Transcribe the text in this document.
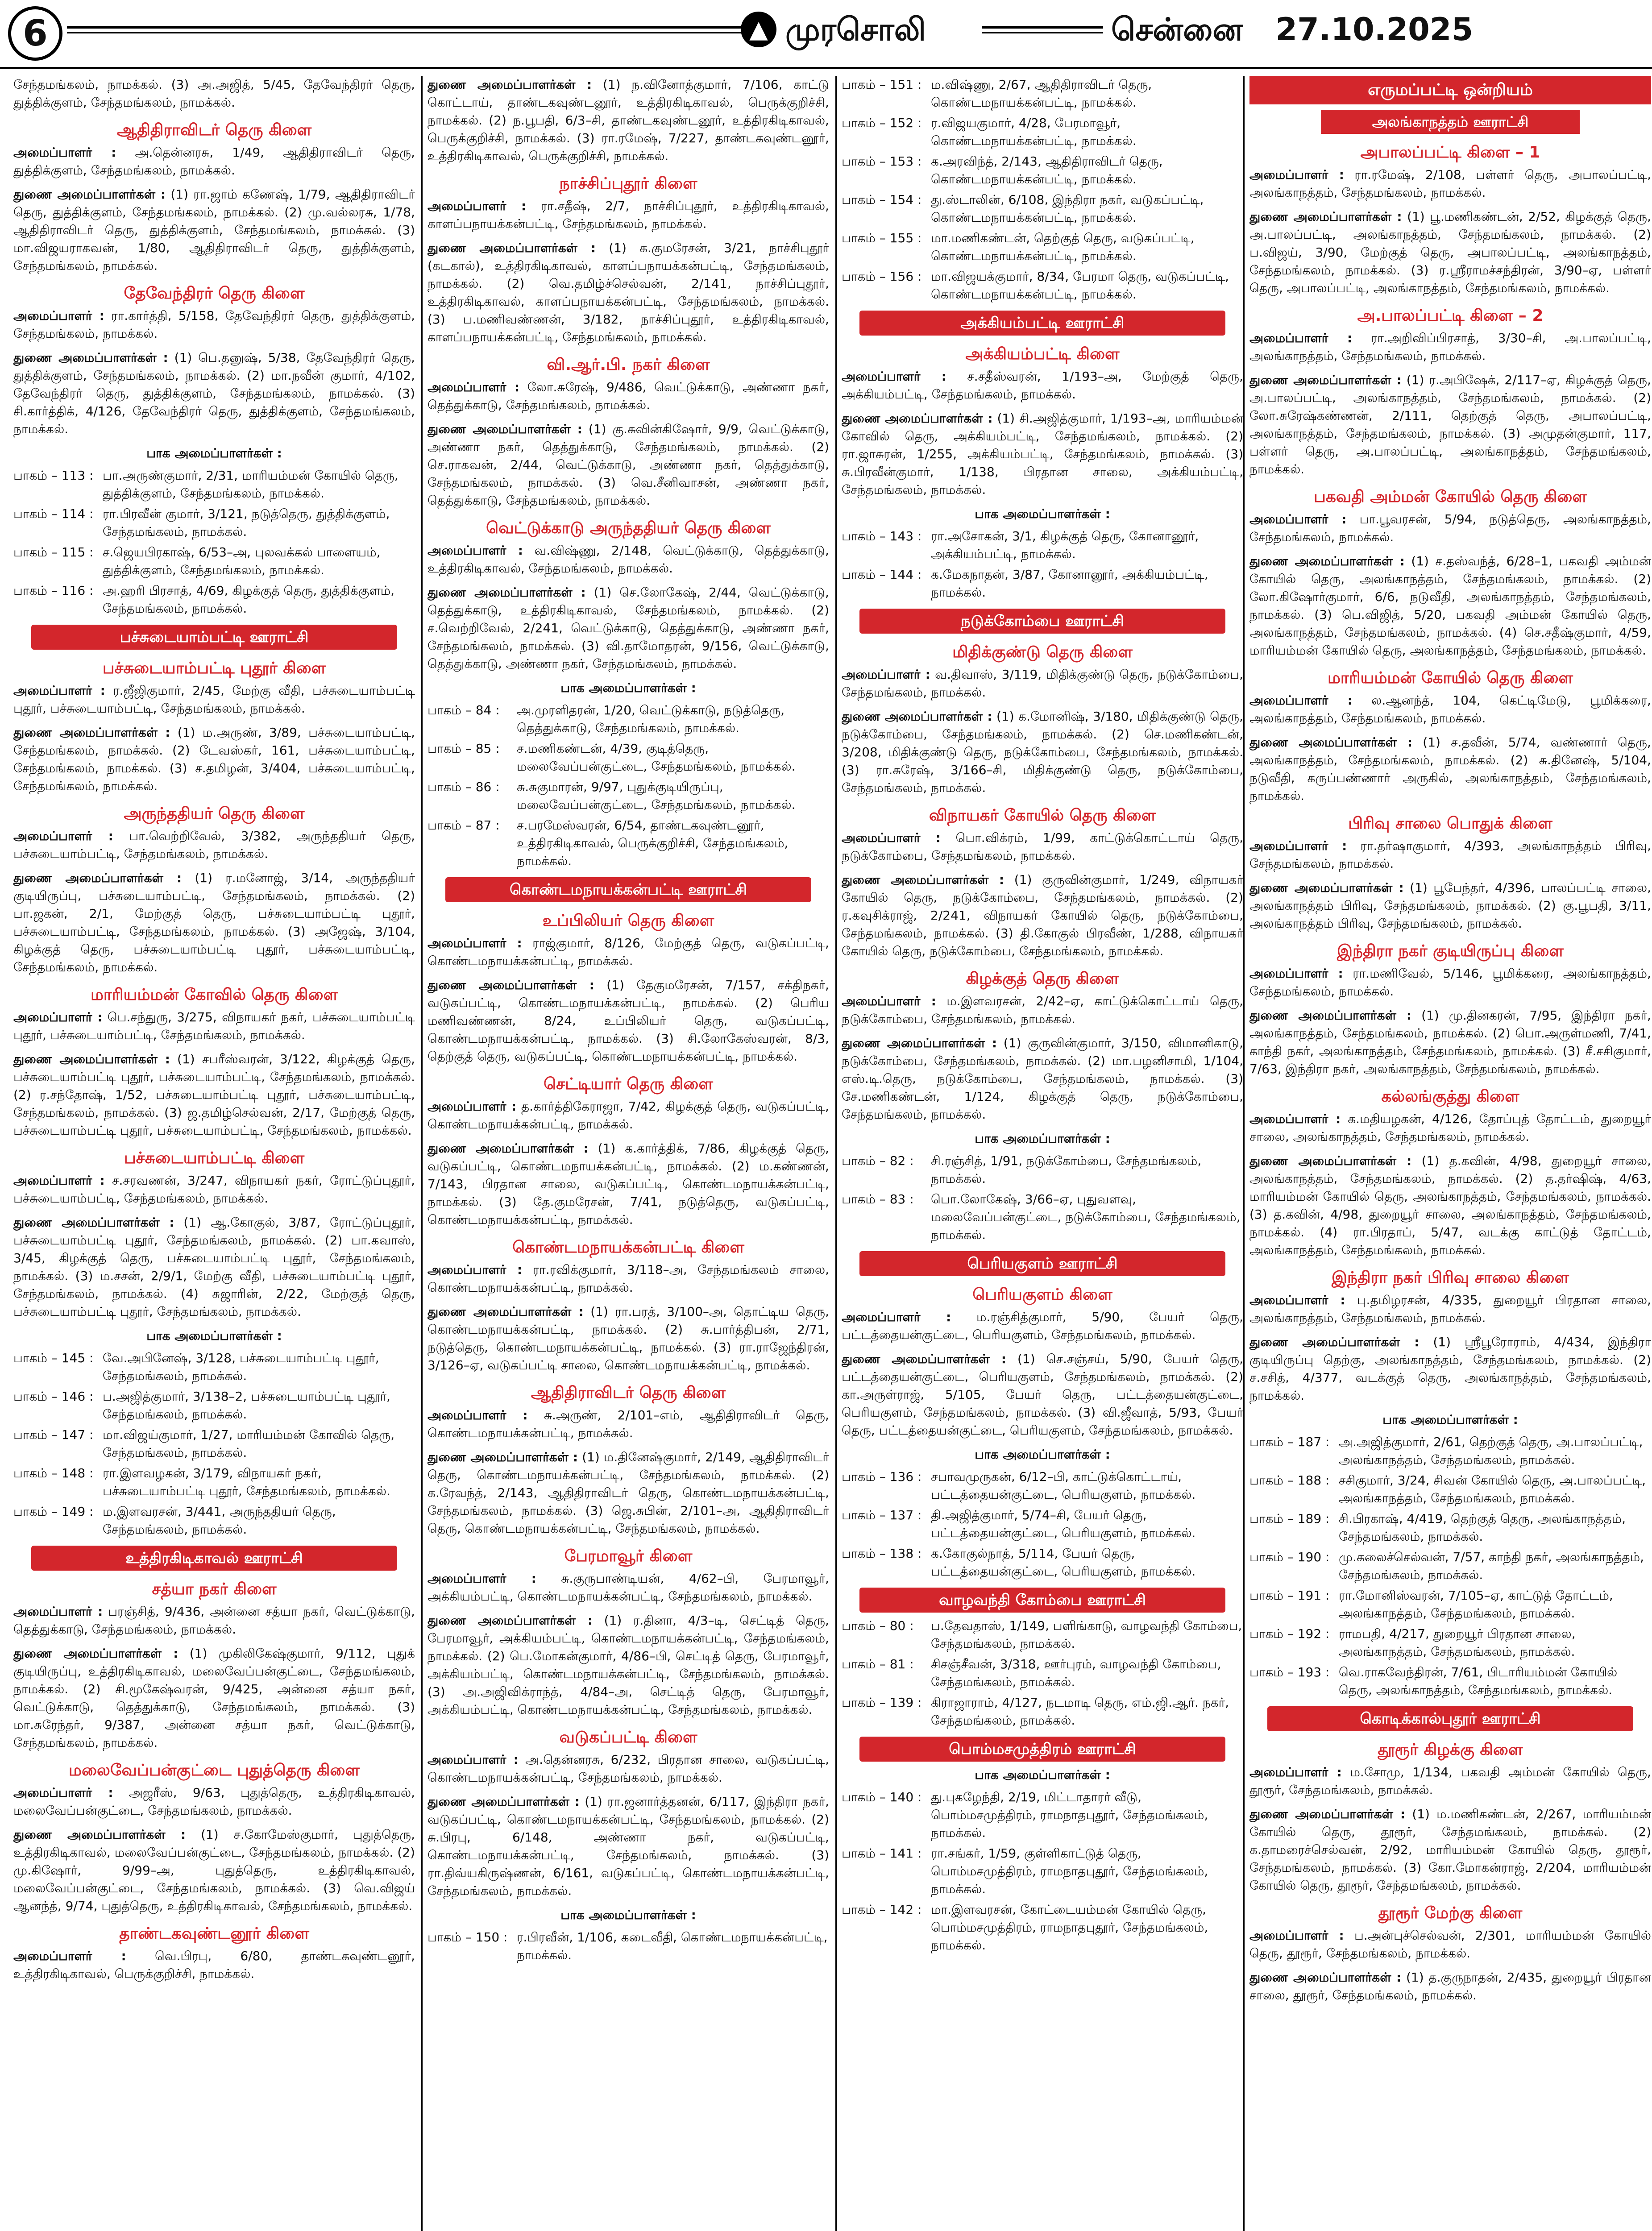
6	▲ முரசொலி	சென்னை 27.10.2025

சேந்தமங்கலம், நாமக்கல். (3) அ.அஜித், 5/45, தேவேந்திரர் தெரு, துத்திக்குளம், சேந்தமங்கலம், நாமக்கல்.

ஆதிதிராவிடர் தெரு கிளை

அமைப்பாளர் : அ.தென்னரசு, 1/49, ஆதிதிராவிடர் தெரு, துத்திக்குளம், சேந்தமங்கலம், நாமக்கல்.

துணை அமைப்பாளர்கள் : (1) ரா.ஜாம் கணேஷ், 1/79, ஆதிதிராவிடர் தெரு, துத்திக்குளம், சேந்தமங்கலம், நாமக்கல். (2) மு.வல்லரசு, 1/78, ஆதிதிராவிடர் தெரு, துத்திக்குளம், சேந்தமங்கலம், நாமக்கல். (3) மா.விஜயராகவன், 1/80, ஆதிதிராவிடர் தெரு, துத்திக்குளம், சேந்தமங்கலம், நாமக்கல்.

தேவேந்திரர் தெரு கிளை

அமைப்பாளர் : ரா.கார்த்தி, 5/158, தேவேந்திரர் தெரு, துத்திக்குளம், சேந்தமங்கலம், நாமக்கல்.

துணை அமைப்பாளர்கள் : (1) பெ.தனுஷ், 5/38, தேவேந்திரர் தெரு, துத்திக்குளம், சேந்தமங்கலம், நாமக்கல். (2) மா.நவீன் குமார், 4/102, தேவேந்திரர் தெரு, துத்திக்குளம், சேந்தமங்கலம், நாமக்கல். (3) சி.கார்த்திக், 4/126, தேவேந்திரர் தெரு, துத்திக்குளம், சேந்தமங்கலம், நாமக்கல்.

பாக அமைப்பாளர்கள் :
பாகம் – 113 : பா.அருண்குமார், 2/31, மாரியம்மன் கோயில் தெரு, துத்திக்குளம், சேந்தமங்கலம், நாமக்கல்.
பாகம் – 114 : ரா.பிரவீன் குமார், 3/121, நடுத்தெரு, துத்திக்குளம், சேந்தமங்கலம், நாமக்கல்.
பாகம் – 115 : ச.ஜெயபிரகாஷ், 6/53–அ, புலவக்கல் பாளையம், துத்திக்குளம், சேந்தமங்கலம், நாமக்கல்.
பாகம் – 116 : அ.ஹரி பிரசாத், 4/69, கிழக்குத் தெரு, துத்திக்குளம், சேந்தமங்கலம், நாமக்கல்.
பச்சுடையாம்பட்டி ஊராட்சி
பச்சுடையாம்பட்டி புதூர் கிளை

அமைப்பாளர் : ர.ஜீஜிகுமார், 2/45, மேற்கு வீதி, பச்சுடையாம்பட்டி புதூர், பச்சுடையாம்பட்டி, சேந்தமங்கலம், நாமக்கல்.

துணை அமைப்பாளர்கள் : (1) ம.அருண், 3/89, பச்சுடையாம்பட்டி, சேந்தமங்கலம், நாமக்கல். (2) டேவஸ்கர், 161, பச்சுடையாம்பட்டி, சேந்தமங்கலம், நாமக்கல். (3) ச.தமிழன், 3/404, பச்சுடையாம்பட்டி, சேந்தமங்கலம், நாமக்கல்.

அருந்ததியர் தெரு கிளை

அமைப்பாளர் : பா.வெற்றிவேல், 3/382, அருந்ததியர் தெரு, பச்சுடையாம்பட்டி, சேந்தமங்கலம், நாமக்கல்.

துணை அமைப்பாளர்கள் : (1) ர.மனோஜ், 3/14, அருந்ததியர் குடியிருப்பு, பச்சுடையாம்பட்டி, சேந்தமங்கலம், நாமக்கல். (2) பா.ஜகன், 2/1, மேற்குத் தெரு, பச்சுடையாம்பட்டி புதூர், பச்சுடையாம்பட்டி, சேந்தமங்கலம், நாமக்கல். (3) அஜேஷ், 3/104, கிழக்குத் தெரு, பச்சுடையாம்பட்டி புதூர், பச்சுடையாம்பட்டி, சேந்தமங்கலம், நாமக்கல்.

மாரியம்மன் கோவில் தெரு கிளை

அமைப்பாளர் : பெ.சந்துரு, 3/275, விநாயகர் நகர், பச்சுடையாம்பட்டி புதூர், பச்சுடையாம்பட்டி, சேந்தமங்கலம், நாமக்கல்.

துணை அமைப்பாளர்கள் : (1) சபரீஸ்வரன், 3/122, கிழக்குத் தெரு, பச்சுடையாம்பட்டி புதூர், பச்சுடையாம்பட்டி, சேந்தமங்கலம், நாமக்கல். (2) ர.சந்தோஷ், 1/52, பச்சுடையாம்பட்டி புதூர், பச்சுடையாம்பட்டி, சேந்தமங்கலம், நாமக்கல். (3) ஜ.தமிழ்செல்வன், 2/17, மேற்குத் தெரு, பச்சுடையாம்பட்டி புதூர், பச்சுடையாம்பட்டி, சேந்தமங்கலம், நாமக்கல்.

பச்சுடையாம்பட்டி கிளை

அமைப்பாளர் : ச.சரவணன், 3/247, விநாயகர் நகர், ரோட்டுப்புதூர், பச்சுடையாம்பட்டி, சேந்தமங்கலம், நாமக்கல்.

துணை அமைப்பாளர்கள் : (1) ஆ.கோகுல், 3/87, ரோட்டுப்புதூர், பச்சுடையாம்பட்டி புதூர், சேந்தமங்கலம், நாமக்கல். (2) பா.கவாஸ், 3/45, கிழக்குத் தெரு, பச்சுடையாம்பட்டி புதூர், சேந்தமங்கலம், நாமக்கல். (3) ம.சசன், 2/9/1, மேற்கு வீதி, பச்சுடையாம்பட்டி புதூர், சேந்தமங்கலம், நாமக்கல். (4) சுஜாரின், 2/22, மேற்குத் தெரு, பச்சுடையாம்பட்டி புதூர், சேந்தமங்கலம், நாமக்கல்.

பாக அமைப்பாளர்கள் :
பாகம் – 145 : வே.அபினேஷ், 3/128, பச்சுடையாம்பட்டி புதூர், சேந்தமங்கலம், நாமக்கல்.
பாகம் – 146 : ப.அஜித்குமார், 3/138–2, பச்சுடையாம்பட்டி புதூர், சேந்தமங்கலம், நாமக்கல்.
பாகம் – 147 : மா.விஜய்குமார், 1/27, மாரியம்மன் கோவில் தெரு, சேந்தமங்கலம், நாமக்கல்.
பாகம் – 148 : ரா.இளவழகன், 3/179, விநாயகர் நகர், பச்சுடையாம்பட்டி புதூர், சேந்தமங்கலம், நாமக்கல்.
பாகம் – 149 : ம.இளவரசன், 3/441, அருந்ததியர் தெரு, சேந்தமங்கலம், நாமக்கல்.
உத்திரகிடிகாவல் ஊராட்சி
சத்யா நகர் கிளை

அமைப்பாளர் : பரஞ்சித், 9/436, அன்னை சத்யா நகர், வெட்டுக்காடு, தெத்துக்காடு, சேந்தமங்கலம், நாமக்கல்.

துணை அமைப்பாளர்கள் : (1) முகிலிகேஷ்குமார், 9/112, புதுக் குடியிருப்பு, உத்திரகிடிகாவல், மலைவேப்பன்குட்டை, சேந்தமங்கலம், நாமக்கல். (2) சி.மூகேஷ்வரன், 9/425, அன்னை சத்யா நகர், வெட்டுக்காடு, தெத்துக்காடு, சேந்தமங்கலம், நாமக்கல். (3) மா.சுரேந்தர், 9/387, அன்னை சத்யா நகர், வெட்டுக்காடு, சேந்தமங்கலம், நாமக்கல்.

மலைவேப்பன்குட்டை புதுத்தெரு கிளை

அமைப்பாளர் : அஜரீஸ், 9/63, புதுத்தெரு, உத்திரகிடிகாவல், மலைவேப்பன்குட்டை, சேந்தமங்கலம், நாமக்கல்.

துணை அமைப்பாளர்கள் : (1) ச.கோமேஸ்குமார், புதுத்தெரு, உத்திரகிடிகாவல், மலைவேப்பன்குட்டை, சேந்தமங்கலம், நாமக்கல். (2) மு.கிஷோர், 9/99–அ, புதுத்தெரு, உத்திரகிடிகாவல், மலைவேப்பன்குட்டை, சேந்தமங்கலம், நாமக்கல். (3) வெ.விஜய் ஆனந்த், 9/74, புதுத்தெரு, உத்திரகிடிகாவல், சேந்தமங்கலம், நாமக்கல்.

தாண்டகவுண்டனூர் கிளை

அமைப்பாளர் : வெ.பிரபு, 6/80, தாண்டகவுண்டனூர், உத்திரகிடிகாவல், பெருக்குறிச்சி, நாமக்கல்.

துணை அமைப்பாளர்கள் : (1) ந.வினோத்குமார், 7/106, காட்டு கொட்டாய், தாண்டகவுண்டனூர், உத்திரகிடிகாவல், பெருக்குறிச்சி, நாமக்கல். (2) ந.பூபதி, 6/3–சி, தாண்டகவுண்டனூர், உத்திரகிடிகாவல், பெருக்குறிச்சி, நாமக்கல். (3) ரா.ரமேஷ், 7/227, தாண்டகவுண்டனூர், உத்திரகிடிகாவல், பெருக்குறிச்சி, நாமக்கல்.

நாச்சிப்புதூர் கிளை

அமைப்பாளர் : ரா.சதீஷ், 2/7, நாச்சிப்புதூர், உத்திரகிடிகாவல், காளப்பநாயக்கன்பட்டி, சேந்தமங்கலம், நாமக்கல்.

துணை அமைப்பாளர்கள் : (1) க.குமரேசன், 3/21, நாச்சிபுதூர் (கடகால்), உத்திரகிடிகாவல், காளப்பநாயக்கன்பட்டி, சேந்தமங்கலம், நாமக்கல். (2) வெ.தமிழ்ச்செல்வன், 2/141, நாச்சிப்புதூர், உத்திரகிடிகாவல், காளப்பநாயக்கன்பட்டி, சேந்தமங்கலம், நாமக்கல். (3) ப.மணிவண்ணன், 3/182, நாச்சிப்புதூர், உத்திரகிடிகாவல், காளப்பநாயக்கன்பட்டி, சேந்தமங்கலம், நாமக்கல்.

வி.ஆர்.பி. நகர் கிளை

அமைப்பாளர் : லோ.சுரேஷ், 9/486, வெட்டுக்காடு, அண்ணா நகர், தெத்துக்காடு, சேந்தமங்கலம், நாமக்கல்.

துணை அமைப்பாளர்கள் : (1) கு.சுவின்கிஷோர், 9/9, வெட்டுக்காடு, அண்ணா நகர், தெத்துக்காடு, சேந்தமங்கலம், நாமக்கல். (2) செ.ராகவன், 2/44, வெட்டுக்காடு, அண்ணா நகர், தெத்துக்காடு, சேந்தமங்கலம், நாமக்கல். (3) வெ.சீனிவாசன், அண்ணா நகர், தெத்துக்காடு, சேந்தமங்கலம், நாமக்கல்.

வெட்டுக்காடு அருந்ததியர் தெரு கிளை

அமைப்பாளர் : வ.விஷ்ணு, 2/148, வெட்டுக்காடு, தெத்துக்காடு, உத்திரகிடிகாவல், சேந்தமங்கலம், நாமக்கல்.

துணை அமைப்பாளர்கள் : (1) செ.லோகேஷ், 2/44, வெட்டுக்காடு, தெத்துக்காடு, உத்திரகிடிகாவல், சேந்தமங்கலம், நாமக்கல். (2) ச.வெற்றிவேல், 2/241, வெட்டுக்காடு, தெத்துக்காடு, அண்ணா நகர், சேந்தமங்கலம், நாமக்கல். (3) வி.தாமோதரன், 9/156, வெட்டுக்காடு, தெத்துக்காடு, அண்ணா நகர், சேந்தமங்கலம், நாமக்கல்.

பாக அமைப்பாளர்கள் :
பாகம் – 84 :	அ.முரளிதரன், 1/20, வெட்டுக்காடு, நடுத்தெரு, தெத்துக்காடு, சேந்தமங்கலம், நாமக்கல்.
பாகம் – 85 :	ச.மணிகண்டன், 4/39, குடித்தெரு, மலைவேப்பன்குட்டை, சேந்தமங்கலம், நாமக்கல்.
பாகம் – 86 :	சு.சுகுமாரன், 9/97, புதுக்குடியிருப்பு, மலைவேப்பன்குட்டை, சேந்தமங்கலம், நாமக்கல்.
பாகம் – 87 :	ச.பரமேஸ்வரன், 6/54, தாண்டகவுண்டனூர், உத்திரகிடிகாவல், பெருக்குறிச்சி, சேந்தமங்கலம், நாமக்கல்.
கொண்டமநாயக்கன்பட்டி ஊராட்சி
உப்பிலியர் தெரு கிளை

அமைப்பாளர் : ராஜ்குமார், 8/126, மேற்குத் தெரு, வடுகப்பட்டி, கொண்டமநாயக்கன்பட்டி, நாமக்கல்.

துணை அமைப்பாளர்கள் : (1) தேகுமரேசன், 7/157, சக்திநகர், வடுகப்பட்டி, கொண்டமநாயக்கன்பட்டி, நாமக்கல். (2) பெரிய மணிவண்ணன், 8/24, உப்பிலியர் தெரு, வடுகப்பட்டி, கொண்டமநாயக்கன்பட்டி, நாமக்கல். (3) சி.லோகேஸ்வரன், 8/3, தெற்குத் தெரு, வடுகப்பட்டி, கொண்டமநாயக்கன்பட்டி, நாமக்கல்.

செட்டியார் தெரு கிளை

அமைப்பாளர் : த.கார்த்திகேராஜா, 7/42, கிழக்குத் தெரு, வடுகப்பட்டி, கொண்டமநாயக்கன்பட்டி, நாமக்கல்.

துணை அமைப்பாளர்கள் : (1) க.கார்த்திக், 7/86, கிழக்குத் தெரு, வடுகப்பட்டி, கொண்டமநாயக்கன்பட்டி, நாமக்கல். (2) ம.கண்ணன், 7/143, பிரதான சாலை, வடுகப்பட்டி, கொண்டமநாயக்கன்பட்டி, நாமக்கல். (3) தே.குமரேசன், 7/41, நடுத்தெரு, வடுகப்பட்டி, கொண்டமநாயக்கன்பட்டி, நாமக்கல்.

கொண்டமநாயக்கன்பட்டி கிளை

அமைப்பாளர் : ரா.ரவிக்குமார், 3/118–அ, சேந்தமங்கலம் சாலை, கொண்டமநாயக்கன்பட்டி, நாமக்கல்.

துணை அமைப்பாளர்கள் : (1) ரா.பரத், 3/100–அ, தொட்டிய தெரு, கொண்டமநாயக்கன்பட்டி, நாமக்கல். (2) சு.பார்த்திபன், 2/71, நடுத்தெரு, கொண்டமநாயக்கன்பட்டி, நாமக்கல். (3) ரா.ராஜேந்திரன், 3/126–ஏ, வடுகப்பட்டி சாலை, கொண்டமநாயக்கன்பட்டி, நாமக்கல்.

ஆதிதிராவிடர் தெரு கிளை

அமைப்பாளர் : சு.அருண், 2/101–எம், ஆதிதிராவிடர் தெரு, கொண்டமநாயக்கன்பட்டி, நாமக்கல்.

துணை அமைப்பாளர்கள் : (1) ம.தினேஷ்குமார், 2/149, ஆதிதிராவிடர் தெரு, கொண்டமநாயக்கன்பட்டி, சேந்தமங்கலம், நாமக்கல். (2) க.ரேவந்த், 2/143, ஆதிதிராவிடர் தெரு, கொண்டமநாயக்கன்பட்டி, சேந்தமங்கலம், நாமக்கல். (3) ஜெ.சுபின், 2/101–அ, ஆதிதிராவிடர் தெரு, கொண்டமநாயக்கன்பட்டி, சேந்தமங்கலம், நாமக்கல்.

பேரமாவூர் கிளை

அமைப்பாளர் : சு.குருபாண்டியன், 4/62–பி, பேரமாவூர், அக்கியம்பட்டி, கொண்டமநாயக்கன்பட்டி, சேந்தமங்கலம், நாமக்கல்.

துணை அமைப்பாளர்கள் : (1) ர.தினா, 4/3–டி, செட்டித் தெரு, பேரமாவூர், அக்கியம்பட்டி, கொண்டமநாயக்கன்பட்டி, சேந்தமங்கலம், நாமக்கல். (2) பெ.மோகன்குமார், 4/86–பி, செட்டித் தெரு, பேரமாவூர், அக்கியம்பட்டி, கொண்டமநாயக்கன்பட்டி, சேந்தமங்கலம், நாமக்கல். (3) அ.அஜிவிக்ராந்த், 4/84–அ, செட்டித் தெரு, பேரமாவூர், அக்கியம்பட்டி, கொண்டமநாயக்கன்பட்டி, சேந்தமங்கலம், நாமக்கல்.

வடுகப்பட்டி கிளை

அமைப்பாளர் : அ.தென்னரசு, 6/232, பிரதான சாலை, வடுகப்பட்டி, கொண்டமநாயக்கன்பட்டி, சேந்தமங்கலம், நாமக்கல்.

துணை அமைப்பாளர்கள் : (1) ரா.ஜனார்த்தனன், 6/117, இந்திரா நகர், வடுகப்பட்டி, கொண்டமநாயக்கன்பட்டி, சேந்தமங்கலம், நாமக்கல். (2) சு.பிரபு, 6/148, அண்ணா நகர், வடுகப்பட்டி, கொண்டமநாயக்கன்பட்டி, சேந்தமங்கலம், நாமக்கல். (3) ரா.திவ்யகிருஷ்ணன், 6/161, வடுகப்பட்டி, கொண்டமநாயக்கன்பட்டி, சேந்தமங்கலம், நாமக்கல்.

பாக அமைப்பாளர்கள் :
பாகம் – 150 : ர.பிரவீன், 1/106, கடைவீதி, கொண்டமநாயக்கன்பட்டி, நாமக்கல்.
பாகம் – 151 : ம.விஷ்ணு, 2/67, ஆதிதிராவிடர் தெரு, கொண்டமநாயக்கன்பட்டி, நாமக்கல்.
பாகம் – 152 : ர.விஜயகுமார், 4/28, பேரமாவூர், கொண்டமநாயக்கன்பட்டி, நாமக்கல்.
பாகம் – 153 : க.அரவிந்த், 2/143, ஆதிதிராவிடர் தெரு, கொண்டமநாயக்கன்பட்டி, நாமக்கல்.
பாகம் – 154 : து.ஸ்டாலின், 6/108, இந்திரா நகர், வடுகப்பட்டி, கொண்டமநாயக்கன்பட்டி, நாமக்கல்.
பாகம் – 155 : மா.மணிகண்டன், தெற்குத் தெரு, வடுகப்பட்டி, கொண்டமநாயக்கன்பட்டி, நாமக்கல்.
பாகம் – 156 : மா.விஜயக்குமார், 8/34, பேரமா தெரு, வடுகப்பட்டி, கொண்டமநாயக்கன்பட்டி, நாமக்கல்.
அக்கியம்பட்டி ஊராட்சி
அக்கியம்பட்டி கிளை

அமைப்பாளர் : ச.சதீஸ்வரன், 1/193–அ, மேற்குத் தெரு, அக்கியம்பட்டி, சேந்தமங்கலம், நாமக்கல்.

துணை அமைப்பாளர்கள் : (1) சி.அஜித்குமார், 1/193–அ, மாரியம்மன் கோவில் தெரு, அக்கியம்பட்டி, சேந்தமங்கலம், நாமக்கல். (2) ரா.ஜாசுரன், 1/255, அக்கியம்பட்டி, சேந்தமங்கலம், நாமக்கல். (3) சு.பிரவீன்குமார், 1/138, பிரதான சாலை, அக்கியம்பட்டி, சேந்தமங்கலம், நாமக்கல்.

பாக அமைப்பாளர்கள் :
பாகம் – 143 : ரா.அசோகன், 3/1, கிழக்குத் தெரு, கோனானூர், அக்கியம்பட்டி, நாமக்கல்.
பாகம் – 144 : க.மேகநாதன், 3/87, கோனானூர், அக்கியம்பட்டி, நாமக்கல்.
நடுக்கோம்பை ஊராட்சி
மிதிக்குண்டு தெரு கிளை

அமைப்பாளர் : வ.திவாஸ், 3/119, மிதிக்குண்டு தெரு, நடுக்கோம்பை, சேந்தமங்கலம், நாமக்கல்.

துணை அமைப்பாளர்கள் : (1) க.மோனிஷ், 3/180, மிதிக்குண்டு தெரு, நடுக்கோம்பை, சேந்தமங்கலம், நாமக்கல். (2) செ.மணிகண்டன், 3/208, மிதிக்குண்டு தெரு, நடுக்கோம்பை, சேந்தமங்கலம், நாமக்கல். (3) ரா.சுரேஷ், 3/166–சி, மிதிக்குண்டு தெரு, நடுக்கோம்பை, சேந்தமங்கலம், நாமக்கல்.

விநாயகர் கோயில் தெரு கிளை

அமைப்பாளர் : பொ.விக்ரம், 1/99, காட்டுக்கொட்டாய் தெரு, நடுக்கோம்பை, சேந்தமங்கலம், நாமக்கல்.

துணை அமைப்பாளர்கள் : (1) குருவின்குமார், 1/249, விநாயகர் கோயில் தெரு, நடுக்கோம்பை, சேந்தமங்கலம், நாமக்கல். (2) ர.கவுசிக்ராஜ், 2/241, விநாயகர் கோயில் தெரு, நடுக்கோம்பை, சேந்தமங்கலம், நாமக்கல். (3) தி.கோகுல் பிரவீண், 1/288, விநாயகர் கோயில் தெரு, நடுக்கோம்பை, சேந்தமங்கலம், நாமக்கல்.

கிழக்குத் தெரு கிளை

அமைப்பாளர் : ம.இளவரசன், 2/42–ஏ, காட்டுக்கொட்டாய் தெரு, நடுக்கோம்பை, சேந்தமங்கலம், நாமக்கல்.

துணை அமைப்பாளர்கள் : (1) குருவின்குமார், 3/150, விமானிகாடு, நடுக்கோம்பை, சேந்தமங்கலம், நாமக்கல். (2) மா.பழனிசாமி, 1/104, எஸ்.டி.தெரு, நடுக்கோம்பை, சேந்தமங்கலம், நாமக்கல். (3) சே.மணிகண்டன், 1/124, கிழக்குத் தெரு, நடுக்கோம்பை, சேந்தமங்கலம், நாமக்கல்.

பாக அமைப்பாளர்கள் :
பாகம் – 82 :	சி.ரஞ்சித், 1/91, நடுக்கோம்பை, சேந்தமங்கலம், நாமக்கல்.
பாகம் – 83 :	பொ.லோகேஷ், 3/66–ஏ, புதுவளவு, மலைவேப்பன்குட்டை, நடுக்கோம்பை, சேந்தமங்கலம், நாமக்கல்.
பெரியகுளம் ஊராட்சி
பெரியகுளம் கிளை

அமைப்பாளர் : ம.ரஞ்சித்குமார், 5/90, பேயர் தெரு, பட்டத்தையன்குட்டை, பெரியகுளம், சேந்தமங்கலம், நாமக்கல்.

துணை அமைப்பாளர்கள் : (1) செ.சஞ்சய், 5/90, பேயர் தெரு, பட்டத்தையன்குட்டை, பெரியகுளம், சேந்தமங்கலம், நாமக்கல். (2) கா.அருள்ராஜ், 5/105, பேயர் தெரு, பட்டத்தையன்குட்டை, பெரியகுளம், சேந்தமங்கலம், நாமக்கல். (3) வி.ஜீவாத், 5/93, பேயர் தெரு, பட்டத்தையன்குட்டை, பெரியகுளம், சேந்தமங்கலம், நாமக்கல்.

பாக அமைப்பாளர்கள் :
பாகம் – 136 : சபாவமுருகன், 6/12–பி, காட்டுக்கொட்டாய், பட்டத்தையன்குட்டை, பெரியகுளம், நாமக்கல்.
பாகம் – 137 : தி.அஜித்குமார், 5/74–சி, பேயர் தெரு, பட்டத்தையன்குட்டை, பெரியகுளம், நாமக்கல்.
பாகம் – 138 : க.கோகுல்நாத், 5/114, பேயர் தெரு, பட்டத்தையன்குட்டை, பெரியகுளம், நாமக்கல்.
வாழவந்தி கோம்பை ஊராட்சி
பாகம் – 80 :	ப.தேவதாஸ், 1/149, பளிங்காடு, வாழவந்தி கோம்பை, சேந்தமங்கலம், நாமக்கல்.
பாகம் – 81 :	சிசஞ்சீவன், 3/318, ஊர்புரம், வாழவந்தி கோம்பை, சேந்தமங்கலம், நாமக்கல்.
பாகம் – 139 : கிராஜாராம், 4/127, நடமாடி தெரு, எம்.ஜி.ஆர். நகர், சேந்தமங்கலம், நாமக்கல்.
பொம்மசமுத்திரம் ஊராட்சி
பாக அமைப்பாளர்கள் :
பாகம் – 140 : து.புகழேந்தி, 2/19, மிட்டாதாரர் வீடு, பொம்மசமுத்திரம், ராமநாதபுதூர், சேந்தமங்கலம், நாமக்கல்.
பாகம் – 141 : ரா.சங்கர், 1/59, குள்ளிகாட்டுத் தெரு, பொம்மசமுத்திரம், ராமநாதபுதூர், சேந்தமங்கலம், நாமக்கல்.
பாகம் – 142 : மா.இளவரசன், கோட்டையம்மன் கோயில் தெரு, பொம்மசமுத்திரம், ராமநாதபுதூர், சேந்தமங்கலம், நாமக்கல்.
எருமப்பட்டி ஒன்றியம்
அலங்காநத்தம் ஊராட்சி
அபாலப்பட்டி கிளை – 1

அமைப்பாளர் : ரா.ரமேஷ், 2/108, பள்ளர் தெரு, அபாலப்பட்டி, அலங்காநத்தம், சேந்தமங்கலம், நாமக்கல்.

துணை அமைப்பாளர்கள் : (1) பூ.மணிகண்டன், 2/52, கிழக்குத் தெரு, அ.பாலப்பட்டி, அலங்காநத்தம், சேந்தமங்கலம், நாமக்கல். (2) ப.விஜய், 3/90, மேற்குத் தெரு, அபாலப்பட்டி, அலங்காநத்தம், சேந்தமங்கலம், நாமக்கல். (3) ர.ஸ்ரீராமச்சந்திரன், 3/90–ஏ, பள்ளர் தெரு, அபாலப்பட்டி, அலங்காநத்தம், சேந்தமங்கலம், நாமக்கல்.

அ.பாலப்பட்டி கிளை – 2

அமைப்பாளர் : ரா.அறிவிப்பிரசாத், 3/30–சி, அ.பாலப்பட்டி, அலங்காநத்தம், சேந்தமங்கலம், நாமக்கல்.

துணை அமைப்பாளர்கள் : (1) ர.அபிஷேக், 2/117–ஏ, கிழக்குத் தெரு, அ.பாலப்பட்டி, அலங்காநத்தம், சேந்தமங்கலம், நாமக்கல். (2) லோ.சுரேஷ்கண்ணன், 2/111, தெற்குத் தெரு, அபாலப்பட்டி, அலங்காநத்தம், சேந்தமங்கலம், நாமக்கல். (3) அமுதன்குமார், 117, பள்ளர் தெரு, அ.பாலப்பட்டி, அலங்காநத்தம், சேந்தமங்கலம், நாமக்கல்.

பகவதி அம்மன் கோயில் தெரு கிளை

அமைப்பாளர் : பா.பூவரசன், 5/94, நடுத்தெரு, அலங்காநத்தம், சேந்தமங்கலம், நாமக்கல்.

துணை அமைப்பாளர்கள் : (1) ச.தஸ்வந்த், 6/28–1, பகவதி அம்மன் கோயில் தெரு, அலங்காநத்தம், சேந்தமங்கலம், நாமக்கல். (2) லோ.கிஷோர்குமார், 6/6, நடுவீதி, அலங்காநத்தம், சேந்தமங்கலம், நாமக்கல். (3) பெ.விஜித், 5/20, பகவதி அம்மன் கோயில் தெரு, அலங்காநத்தம், சேந்தமங்கலம், நாமக்கல். (4) செ.சதீஷ்குமார், 4/59, மாரியம்மன் கோயில் தெரு, அலங்காநத்தம், சேந்தமங்கலம், நாமக்கல்.

மாரியம்மன் கோயில் தெரு கிளை

அமைப்பாளர் : ல.ஆனந்த், 104, கெட்டிமேடு, பூமிக்கரை, அலங்காநத்தம், சேந்தமங்கலம், நாமக்கல்.

துணை அமைப்பாளர்கள் : (1) ச.தவீன், 5/74, வண்ணார் தெரு, அலங்காநத்தம், சேந்தமங்கலம், நாமக்கல். (2) சு.தினேஷ், 5/104, நடுவீதி, கருப்பண்ணார் அருகில், அலங்காநத்தம், சேந்தமங்கலம், நாமக்கல்.

பிரிவு சாலை பொதுக் கிளை

அமைப்பாளர் : ரா.தர்ஷாகுமார், 4/393, அலங்காநத்தம் பிரிவு, சேந்தமங்கலம், நாமக்கல்.

துணை அமைப்பாளர்கள் : (1) பூபேந்தர், 4/396, பாலப்பட்டி சாலை, அலங்காநத்தம் பிரிவு, சேந்தமங்கலம், நாமக்கல். (2) கு.பூபதி, 3/11, அலங்காநத்தம் பிரிவு, சேந்தமங்கலம், நாமக்கல்.

இந்திரா நகர் குடியிருப்பு கிளை

அமைப்பாளர் : ரா.மணிவேல், 5/146, பூமிக்கரை, அலங்காநத்தம், சேந்தமங்கலம், நாமக்கல்.

துணை அமைப்பாளர்கள் : (1) மு.தினகரன், 7/95, இந்திரா நகர், அலங்காநத்தம், சேந்தமங்கலம், நாமக்கல். (2) பொ.அருள்மணி, 7/41, காந்தி நகர், அலங்காநத்தம், சேந்தமங்கலம், நாமக்கல். (3) சீ.சசிகுமார், 7/63, இந்திரா நகர், அலங்காநத்தம், சேந்தமங்கலம், நாமக்கல்.

கல்லங்குத்து கிளை

அமைப்பாளர் : க.மதியழகன், 4/126, தோப்புத் தோட்டம், துறையூர் சாலை, அலங்காநத்தம், சேந்தமங்கலம், நாமக்கல்.

துணை அமைப்பாளர்கள் : (1) த.கவின், 4/98, துறையூர் சாலை, அலங்காநத்தம், சேந்தமங்கலம், நாமக்கல். (2) த.தர்ஷிஷ், 4/63, மாரியம்மன் கோயில் தெரு, அலங்காநத்தம், சேந்தமங்கலம், நாமக்கல். (3) த.கவின், 4/98, துறையூர் சாலை, அலங்காநத்தம், சேந்தமங்கலம், நாமக்கல். (4) ரா.பிரதாப், 5/47, வடக்கு காட்டுத் தோட்டம், அலங்காநத்தம், சேந்தமங்கலம், நாமக்கல்.

இந்திரா நகர் பிரிவு சாலை கிளை

அமைப்பாளர் : பு.தமிழரசன், 4/335, துறையூர் பிரதான சாலை, அலங்காநத்தம், சேந்தமங்கலம், நாமக்கல்.

துணை அமைப்பாளர்கள் : (1) ஸ்ரீபூரோராம், 4/434, இந்திரா குடியிருப்பு தெற்கு, அலங்காநத்தம், சேந்தமங்கலம், நாமக்கல். (2) ச.சசித், 4/377, வடக்குத் தெரு, அலங்காநத்தம், சேந்தமங்கலம், நாமக்கல்.

பாக அமைப்பாளர்கள் :
பாகம் – 187 : அ.அஜித்குமார், 2/61, தெற்குத் தெரு, அ.பாலப்பட்டி, அலங்காநத்தம், சேந்தமங்கலம், நாமக்கல்.
பாகம் – 188 : சசிகுமார், 3/24, சிவன் கோயில் தெரு, அ.பாலப்பட்டி, அலங்காநத்தம், சேந்தமங்கலம், நாமக்கல்.
பாகம் – 189 : சி.பிரகாஷ், 4/419, தெற்குத் தெரு, அலங்காநத்தம், சேந்தமங்கலம், நாமக்கல்.
பாகம் – 190 : மு.கலைச்செல்வன், 7/57, காந்தி நகர், அலங்காநத்தம், சேந்தமங்கலம், நாமக்கல்.
பாகம் – 191 : ரா.மோனிஸ்வரன், 7/105–ஏ, காட்டுத் தோட்டம், அலங்காநத்தம், சேந்தமங்கலம், நாமக்கல்.
பாகம் – 192 : ராமபதி, 4/217, துறையூர் பிரதான சாலை, அலங்காநத்தம், சேந்தமங்கலம், நாமக்கல்.
பாகம் – 193 : வெ.ராகவேந்திரன், 7/61, பிடாரியம்மன் கோயில் தெரு, அலங்காநத்தம், சேந்தமங்கலம், நாமக்கல்.
கொடிக்கால்புதூர் ஊராட்சி
தூரூர் கிழக்கு கிளை

அமைப்பாளர் : ம.சோமு, 1/134, பகவதி அம்மன் கோயில் தெரு, தூரூர், சேந்தமங்கலம், நாமக்கல்.

துணை அமைப்பாளர்கள் : (1) ம.மணிகண்டன், 2/267, மாரியம்மன் கோயில் தெரு, தூரூர், சேந்தமங்கலம், நாமக்கல். (2) க.தாமரைச்செல்வன், 2/92, மாரியம்மன் கோயில் தெரு, தூரூர், சேந்தமங்கலம், நாமக்கல். (3) கோ.மோகன்ராஜ், 2/204, மாரியம்மன் கோயில் தெரு, தூரூர், சேந்தமங்கலம், நாமக்கல்.

தூரூர் மேற்கு கிளை

அமைப்பாளர் : ப.அன்புச்செல்வன், 2/301, மாரியம்மன் கோயில் தெரு, தூரூர், சேந்தமங்கலம், நாமக்கல்.

துணை அமைப்பாளர்கள் : (1) த.குருநாதன், 2/435, துறையூர் பிரதான சாலை, தூரூர், சேந்தமங்கலம், நாமக்கல்.
